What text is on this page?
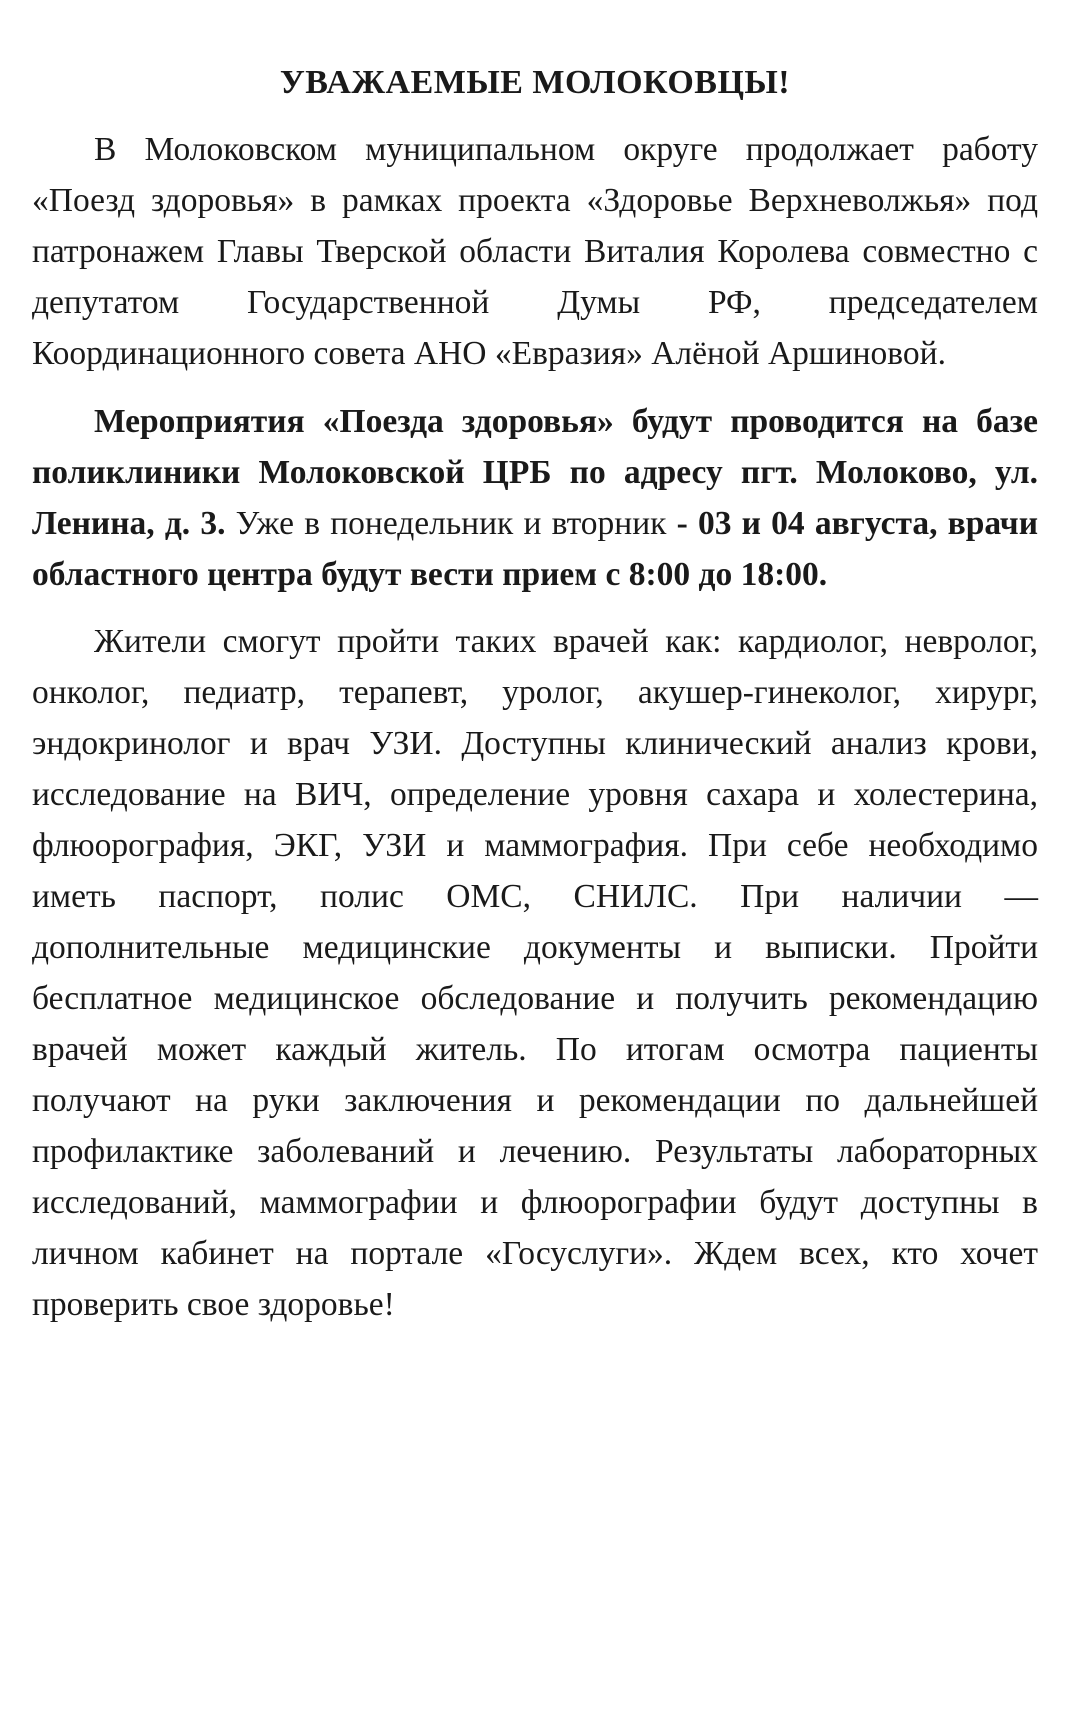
УВАЖАЕМЫЕ МОЛОКОВЦЫ!

В Молоковском муниципальном округе продолжает работу «Поезд здоровья» в рамках проекта «Здоровье Верхневолжья» под патронажем Главы Тверской области Виталия Королева совместно с депутатом Государственной Думы РФ, председателем Координационного совета АНО «Евразия» Алёной Аршиновой.

Мероприятия «Поезда здоровья» будут проводится на базе поликлиники Молоковской ЦРБ по адресу пгт. Молоково, ул. Ленина, д. 3. Уже в понедельник и вторник - 03 и 04 августа, врачи областного центра будут вести прием с 8:00 до 18:00.

Жители смогут пройти таких врачей как: кардиолог, невролог, онколог, педиатр, терапевт, уролог, акушер-гинеколог, хирург, эндокринолог и врач УЗИ. Доступны клинический анализ крови, исследование на ВИЧ, определение уровня сахара и холестерина, флюорография, ЭКГ, УЗИ и маммография. При себе необходимо иметь паспорт, полис ОМС, СНИЛС. При наличии — дополнительные медицинские документы и выписки. Пройти бесплатное медицинское обследование и получить рекомендацию врачей может каждый житель. По итогам осмотра пациенты получают на руки заключения и рекомендации по дальнейшей профилактике заболеваний и лечению. Результаты лабораторных исследований, маммографии и флюорографии будут доступны в личном кабинет на портале «Госуслуги». Ждем всех, кто хочет проверить свое здоровье!
